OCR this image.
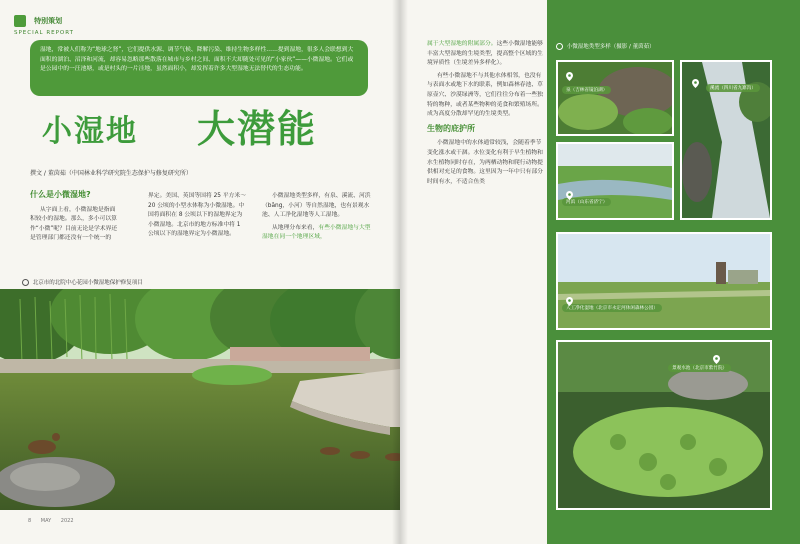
特别策划
SPECIAL REPORT

湿地，常被人们称为“地球之肾”，它们提供水源、调节气候、降解污染、维持生物多样性……提到湿地，很多人会联想到大面积的湖泊、沼泽和河流，却容易忽略那些散落在城市与乡村之间、面积不大却随处可见的“小家伙”——小微湿地。它们或是公园中的一汪池塘，或是村头的一片洼地，虽然面积小，却发挥着许多大型湿地无法替代的生态功能。

小湿地 大潜能
撰文 / 董茵茹（中国林业科学研究院生态保护与修复研究所）
什么是小微湿地?

从字面上看，小微湿地是指面积较小的湿地。那么，多小可以算作“小微”呢？目前无论是学术界还是管理部门都还没有一个统一的

界定。美国、英国等国将 25 平方米～20 公顷的小型水体称为小微湿地。中国将面积在 8 公顷以下的湿地界定为小微湿地。北京市的地方标准中将 1 公顷以下的湿地界定为小微湿地。

小微湿地类型多样，有泉、溪流、河浜（bāng，小河）等自然湿地，也有景观水池、人工净化湿地等人工湿地。

从地理分布来看，有些小微湿地与大型湿地在同一个地理区域，

北京市的北院中心花园小微湿地保护修复项目
8 MAY 2022

属于大型湿地的附属部分。这些小微湿地能够丰富大型湿地的生境类型，提高整个区域的生境异质性（生境差异多样化）。

有些小微湿地不与其他水体相邻，也没有与表面水或地下水的联系，例如森林春池、草原壶穴、沙漠绿洲等，它们往往分布着一些独特的物种，或者某些物种的觅食和繁殖场所。成为高度分散却罕见的生境类型。

生物的庇护所

小微湿地中的水体通常较浅，会随着季节变化涨水或干涸。水位变化有利于早生植物和水生植物同时存在，为两栖动物和爬行动物提供相对充足的食物。这里因为一年中只有部分时间有水，不适合鱼类

小微湿地类型多样（摄影 / 董茵茹）
泉（吉林省镜泊湖）	溪流（四川省九寨沟）
河浜（山东省济宁）
人工净化湿地（北京市永定河休闲森林公园）
景观水池（北京市紫竹院）
